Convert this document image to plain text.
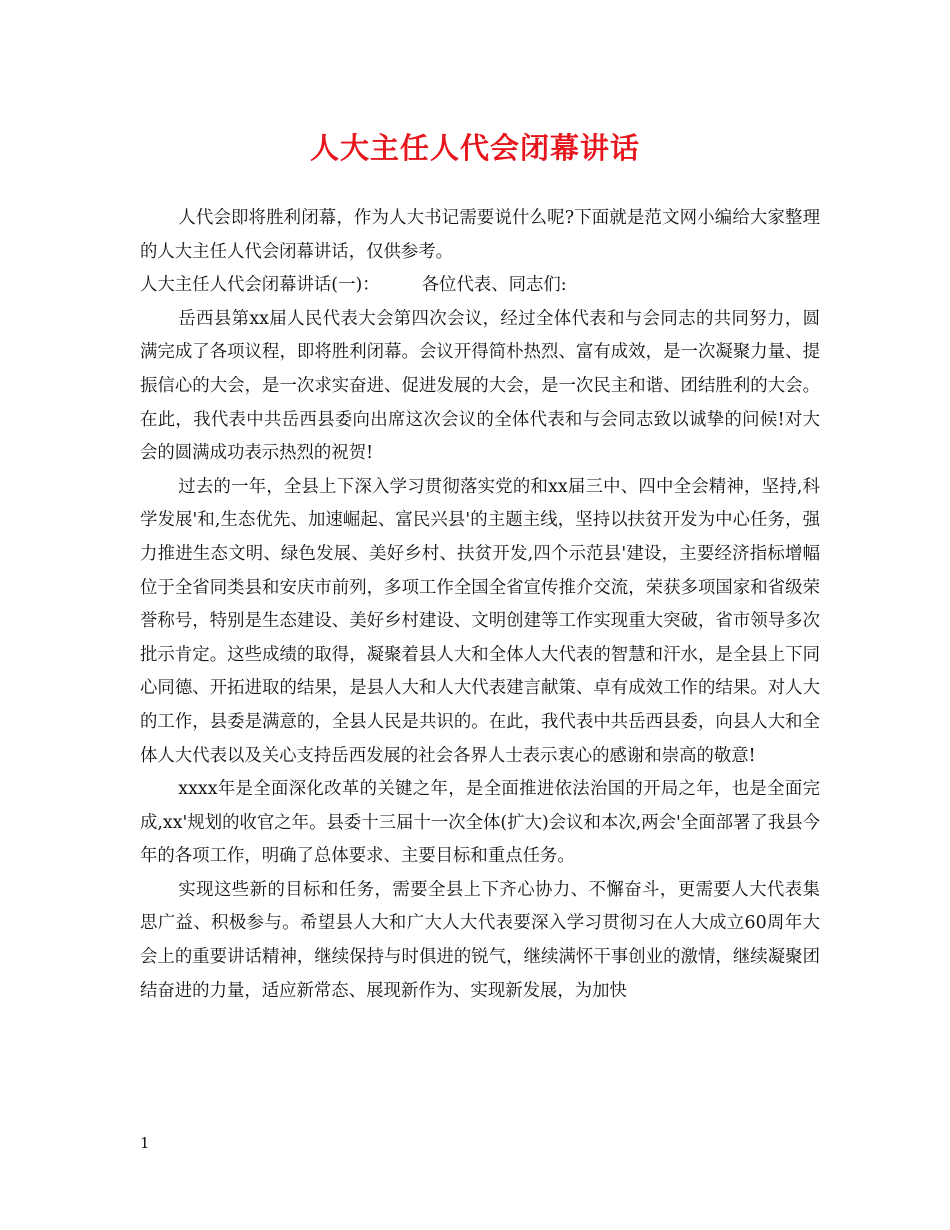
人大主任人代会闭幕讲话

人代会即将胜利闭幕，作为人大书记需要说什么呢?下面就是范文网小编给大家整理的人大主任人代会闭幕讲话，仅供参考。

人大主任人代会闭幕讲话(一)： 各位代表、同志们:

岳西县第xx届人民代表大会第四次会议，经过全体代表和与会同志的共同努力，圆满完成了各项议程，即将胜利闭幕。会议开得简朴热烈、富有成效，是一次凝聚力量、提振信心的大会，是一次求实奋进、促进发展的大会，是一次民主和谐、团结胜利的大会。在此，我代表中共岳西县委向出席这次会议的全体代表和与会同志致以诚挚的问候!对大会的圆满成功表示热烈的祝贺!

过去的一年，全县上下深入学习贯彻落实党的和xx届三中、四中全会精神，坚持,科学发展'和,生态优先、加速崛起、富民兴县'的主题主线，坚持以扶贫开发为中心任务，强力推进生态文明、绿色发展、美好乡村、扶贫开发,四个示范县'建设，主要经济指标增幅位于全省同类县和安庆市前列，多项工作全国全省宣传推介交流，荣获多项国家和省级荣誉称号，特别是生态建设、美好乡村建设、文明创建等工作实现重大突破，省市领导多次批示肯定。这些成绩的取得，凝聚着县人大和全体人大代表的智慧和汗水，是全县上下同心同德、开拓进取的结果，是县人大和人大代表建言献策、卓有成效工作的结果。对人大的工作，县委是满意的，全县人民是共识的。在此，我代表中共岳西县委，向县人大和全体人大代表以及关心支持岳西发展的社会各界人士表示衷心的感谢和崇高的敬意!

xxxx年是全面深化改革的关键之年，是全面推进依法治国的开局之年，也是全面完成,xx'规划的收官之年。县委十三届十一次全体(扩大)会议和本次,两会'全面部署了我县今年的各项工作，明确了总体要求、主要目标和重点任务。

实现这些新的目标和任务，需要全县上下齐心协力、不懈奋斗，更需要人大代表集思广益、积极参与。希望县人大和广大人大代表要深入学习贯彻习在人大成立60周年大会上的重要讲话精神，继续保持与时俱进的锐气，继续满怀干事创业的激情，继续凝聚团结奋进的力量，适应新常态、展现新作为、实现新发展，为加快

1
